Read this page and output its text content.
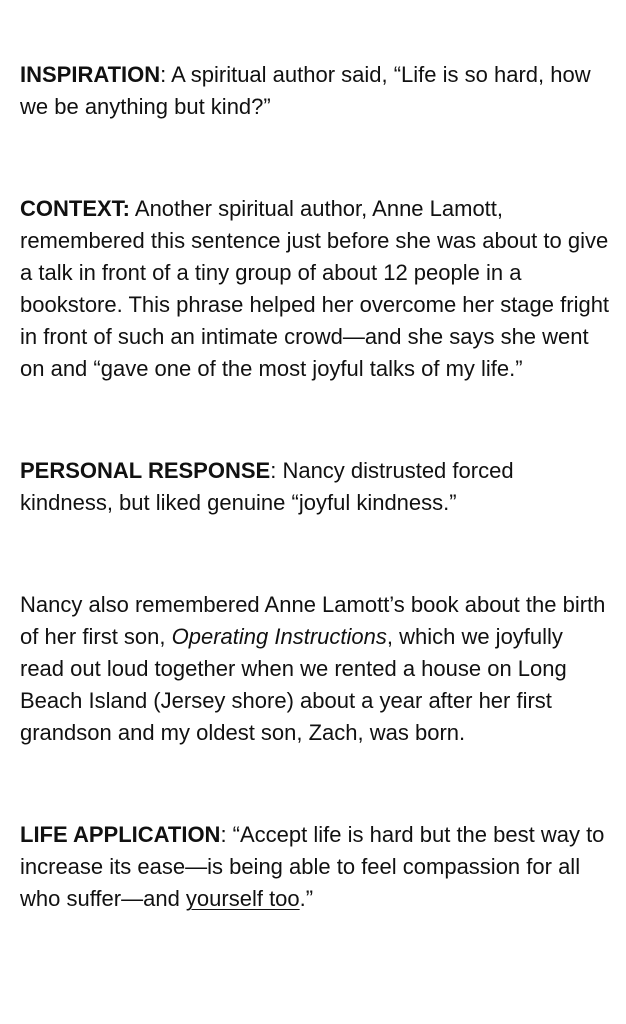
INSPIRATION: A spiritual author said, “Life is so hard, how we be anything but kind?”

CONTEXT: Another spiritual author, Anne Lamott, remembered this sentence just before she was about to give a talk in front of a tiny group of about 12 people in a bookstore. This phrase helped her overcome her stage fright in front of such an intimate crowd—and she says she went on and “gave one of the most joyful talks of my life.”

PERSONAL RESPONSE: Nancy distrusted forced kindness, but liked genuine “joyful kindness.”

Nancy also remembered Anne Lamott’s book about the birth of her first son, Operating Instructions, which we joyfully read out loud together when we rented a house on Long Beach Island (Jersey shore) about a year after her first grandson and my oldest son, Zach, was born.

LIFE APPLICATION: “Accept life is hard but the best way to increase its ease—is being able to feel compassion for all who suffer—and yourself too.”
